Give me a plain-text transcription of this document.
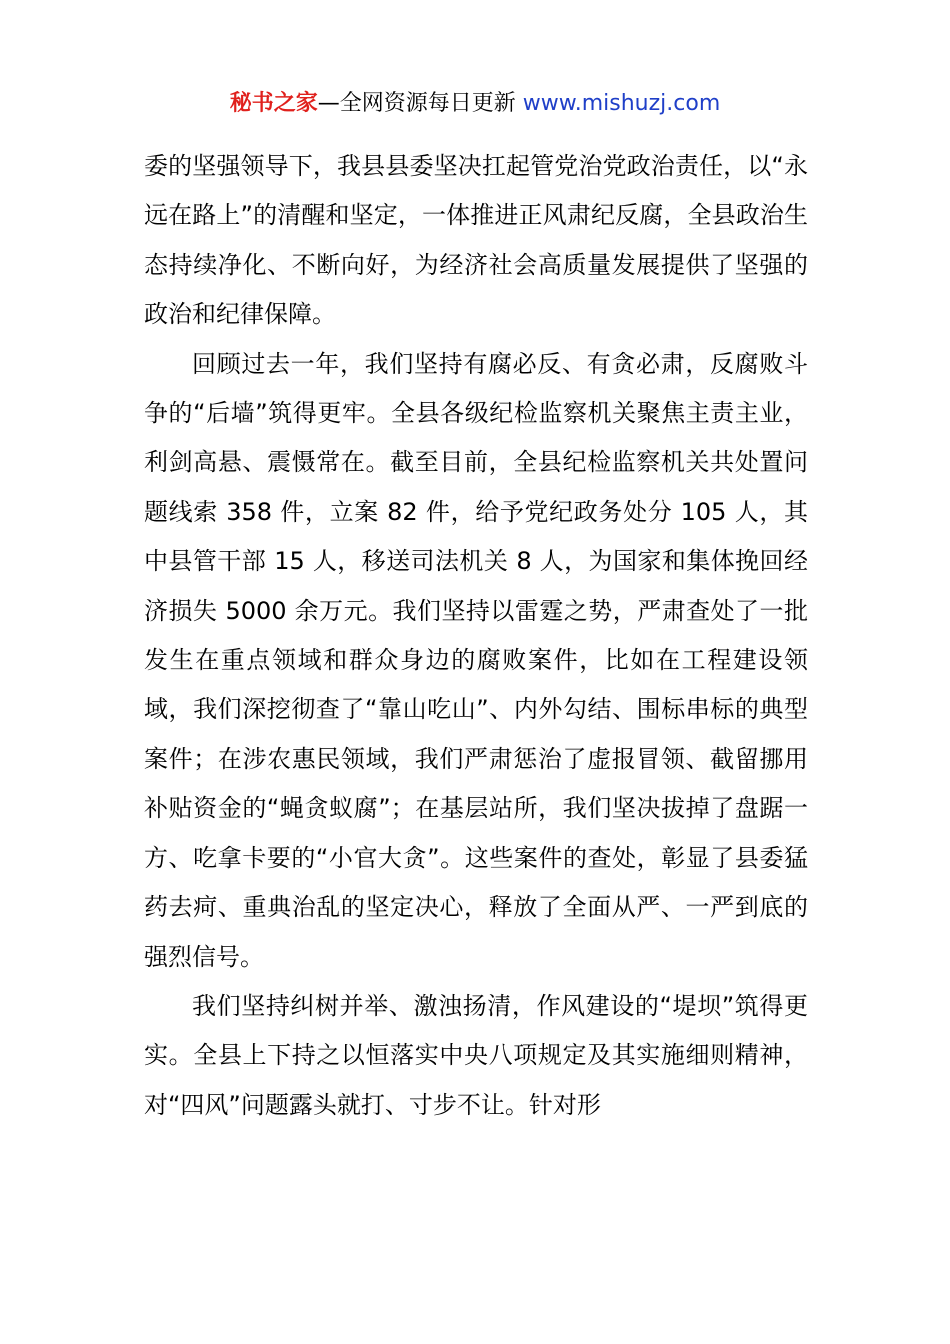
秘书之家—全网资源每日更新 www.mishuzj.com

委的坚强领导下，我县县委坚决扛起管党治党政治责任，以“永远在路上”的清醒和坚定，一体推进正风肃纪反腐，全县政治生态持续净化、不断向好，为经济社会高质量发展提供了坚强的政治和纪律保障。

回顾过去一年，我们坚持有腐必反、有贪必肃，反腐败斗争的“后墙”筑得更牢。全县各级纪检监察机关聚焦主责主业，利剑高悬、震慑常在。截至目前，全县纪检监察机关共处置问题线索 358 件，立案 82 件，给予党纪政务处分 105 人，其中县管干部 15 人，移送司法机关 8 人，为国家和集体挽回经济损失 5000 余万元。我们坚持以雷霆之势，严肃查处了一批发生在重点领域和群众身边的腐败案件，比如在工程建设领域，我们深挖彻查了“靠山吃山”、内外勾结、围标串标的典型案件；在涉农惠民领域，我们严肃惩治了虚报冒领、截留挪用补贴资金的“蝇贪蚁腐”；在基层站所，我们坚决拔掉了盘踞一方、吃拿卡要的“小官大贪”。这些案件的查处，彰显了县委猛药去疴、重典治乱的坚定决心，释放了全面从严、一严到底的强烈信号。

我们坚持纠树并举、激浊扬清，作风建设的“堤坝”筑得更实。全县上下持之以恒落实中央八项规定及其实施细则精神，对“四风”问题露头就打、寸步不让。针对形
